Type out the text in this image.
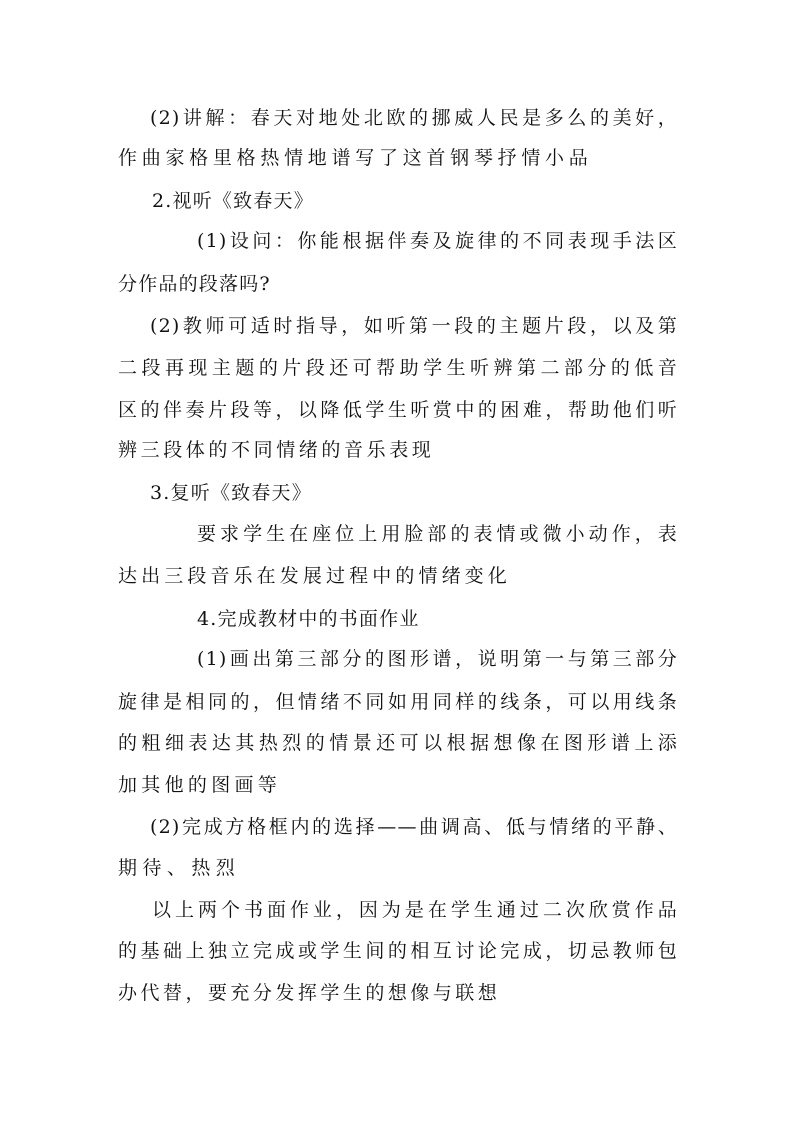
(2)讲解：春天对地处北欧的挪威人民是多么的美好，
作曲家格里格热情地谱写了这首钢琴抒情小品
2.视听《致春天》
(1)设问：你能根据伴奏及旋律的不同表现手法区
分作品的段落吗?
(2)教师可适时指导，如听第一段的主题片段，以及第
二段再现主题的片段还可帮助学生听辨第二部分的低音
区的伴奏片段等，以降低学生听赏中的困难，帮助他们听
辨三段体的不同情绪的音乐表现
3.复听《致春天》
要求学生在座位上用脸部的表情或微小动作，表
达出三段音乐在发展过程中的情绪变化
4.完成教材中的书面作业
(1)画出第三部分的图形谱，说明第一与第三部分
旋律是相同的，但情绪不同如用同样的线条，可以用线条
的粗细表达其热烈的情景还可以根据想像在图形谱上添
加其他的图画等
(2)完成方格框内的选择——曲调高、低与情绪的平静、
期待、热烈
以上两个书面作业，因为是在学生通过二次欣赏作品
的基础上独立完成或学生间的相互讨论完成，切忌教师包
办代替，要充分发挥学生的想像与联想
